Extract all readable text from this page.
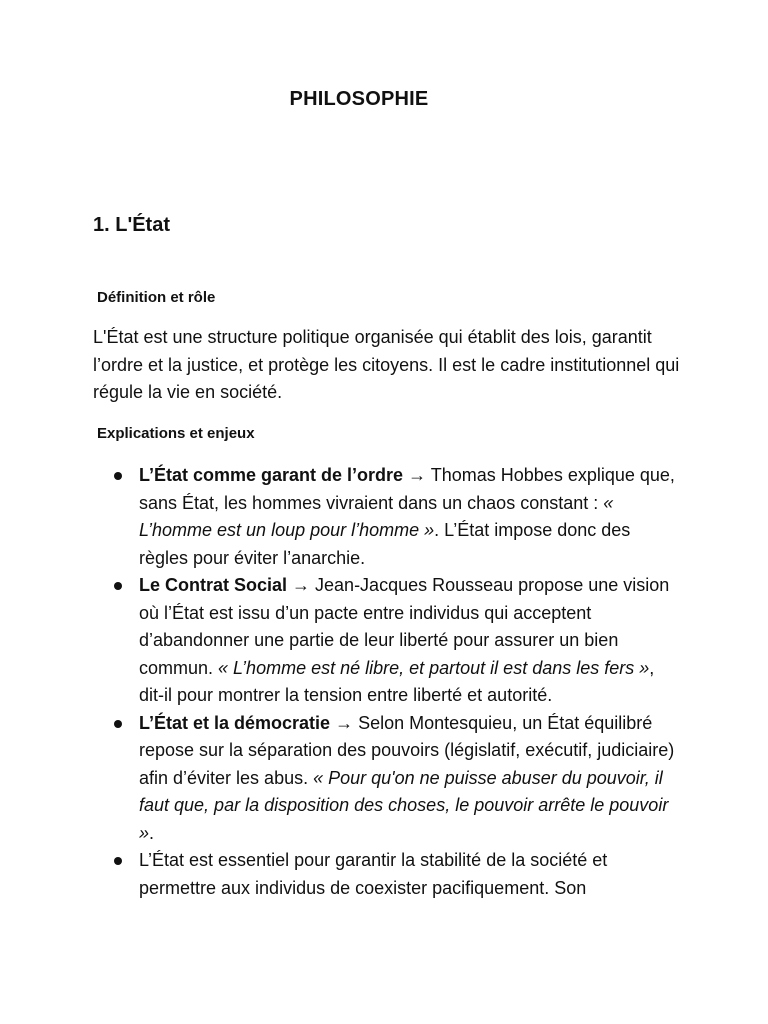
PHILOSOPHIE
1. L'État
Définition et rôle

L'État est une structure politique organisée qui établit des lois, garantit l’ordre et la justice, et protège les citoyens. Il est le cadre institutionnel qui régule la vie en société.

Explications et enjeux
L’État comme garant de l’ordre → Thomas Hobbes explique que, sans État, les hommes vivraient dans un chaos constant : « L’homme est un loup pour l’homme ». L’État impose donc des règles pour éviter l’anarchie.
Le Contrat Social → Jean-Jacques Rousseau propose une vision où l’État est issu d’un pacte entre individus qui acceptent d’abandonner une partie de leur liberté pour assurer un bien commun. « L’homme est né libre, et partout il est dans les fers », dit-il pour montrer la tension entre liberté et autorité.
L’État et la démocratie → Selon Montesquieu, un État équilibré repose sur la séparation des pouvoirs (législatif, exécutif, judiciaire) afin d’éviter les abus. « Pour qu'on ne puisse abuser du pouvoir, il faut que, par la disposition des choses, le pouvoir arrête le pouvoir ».
L’État est essentiel pour garantir la stabilité de la société et permettre aux individus de coexister pacifiquement. Son
